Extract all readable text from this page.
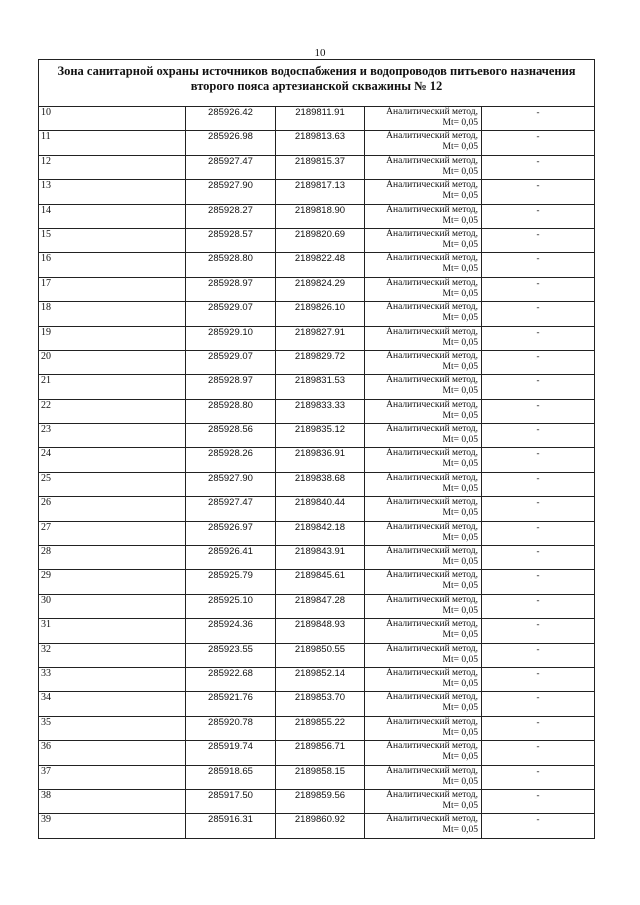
10
Зона санитарной охраны источников водоспабжения и водопроводов питьевого назначения
второго пояса артезианской скважины № 12				

10	285926.42	2189811.91	Аналитический метод,
Mt= 0,05	-
11	285926.98	2189813.63	Аналитический метод,
Mt= 0,05	-
12	285927.47	2189815.37	Аналитический метод,
Mt= 0,05	-
13	285927.90	2189817.13	Аналитический метод,
Mt= 0,05	-
14	285928.27	2189818.90	Аналитический метод,
Mt= 0,05	-
15	285928.57	2189820.69	Аналитический метод,
Mt= 0,05	-
16	285928.80	2189822.48	Аналитический метод,
Mt= 0,05	-
17	285928.97	2189824.29	Аналитический метод,
Mt= 0,05	-
18	285929.07	2189826.10	Аналитический метод,
Mt= 0,05	-
19	285929.10	2189827.91	Аналитический метод,
Mt= 0,05	-
20	285929.07	2189829.72	Аналитический метод,
Mt= 0,05	-
21	285928.97	2189831.53	Аналитический метод,
Mt= 0,05	-
22	285928.80	2189833.33	Аналитический метод,
Mt= 0,05	-
23	285928.56	2189835.12	Аналитический метод,
Mt= 0,05	-
24	285928.26	2189836.91	Аналитический метод,
Mt= 0,05	-
25	285927.90	2189838.68	Аналитический метод,
Mt= 0,05	-
26	285927.47	2189840.44	Аналитический метод,
Mt= 0,05	-
27	285926.97	2189842.18	Аналитический метод,
Mt= 0,05	-
28	285926.41	2189843.91	Аналитический метод,
Mt= 0,05	-
29	285925.79	2189845.61	Аналитический метод,
Mt= 0,05	-
30	285925.10	2189847.28	Аналитический метод,
Mt= 0,05	-
31	285924.36	2189848.93	Аналитический метод,
Mt= 0,05	-
32	285923.55	2189850.55	Аналитический метод,
Mt= 0,05	-
33	285922.68	2189852.14	Аналитический метод,
Mt= 0,05	-
34	285921.76	2189853.70	Аналитический метод,
Mt= 0,05	-
35	285920.78	2189855.22	Аналитический метод,
Mt= 0,05	-
36	285919.74	2189856.71	Аналитический метод,
Mt= 0,05	-
37	285918.65	2189858.15	Аналитический метод,
Mt= 0,05	-
38	285917.50	2189859.56	Аналитический метод,
Mt= 0,05	-
39	285916.31	2189860.92	Аналитический метод,
Mt= 0,05	-
